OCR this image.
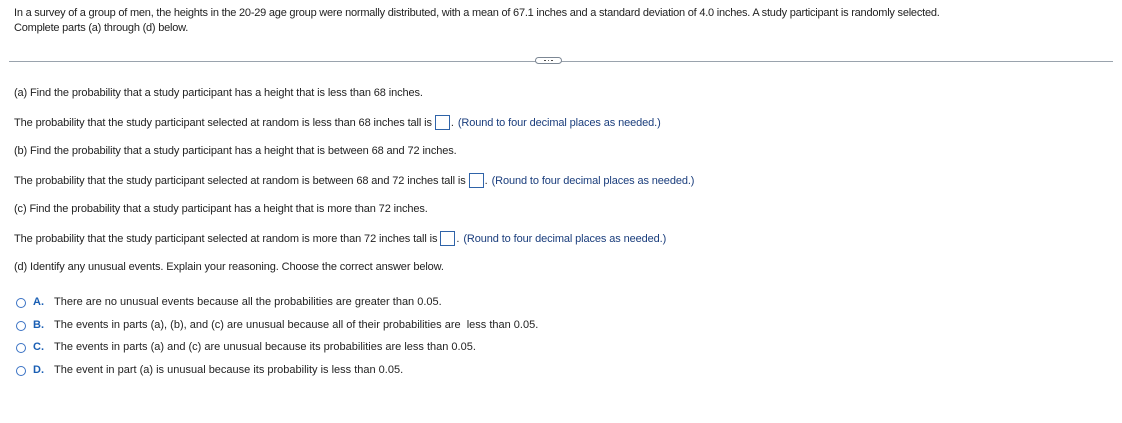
In a survey of a group of men, the heights in the 20-29 age group were normally distributed, with a mean of 67.1 inches and a standard deviation of 4.0 inches. A study participant is randomly selected.
Complete parts (a) through (d) below.
(a) Find the probability that a study participant has a height that is less than 68 inches.
The probability that the study participant selected at random is less than 68 inches tall is . (Round to four decimal places as needed.)
(b) Find the probability that a study participant has a height that is between 68 and 72 inches.
The probability that the study participant selected at random is between 68 and 72 inches tall is . (Round to four decimal places as needed.)
(c) Find the probability that a study participant has a height that is more than 72 inches.
The probability that the study participant selected at random is more than 72 inches tall is . (Round to four decimal places as needed.)
(d) Identify any unusual events. Explain your reasoning. Choose the correct answer below.
A. There are no unusual events because all the probabilities are greater than 0.05.
B. The events in parts (a), (b), and (c) are unusual because all of their probabilities are  less than 0.05.
C. The events in parts (a) and (c) are unusual because its probabilities are less than 0.05.
D. The event in part (a) is unusual because its probability is less than 0.05.
